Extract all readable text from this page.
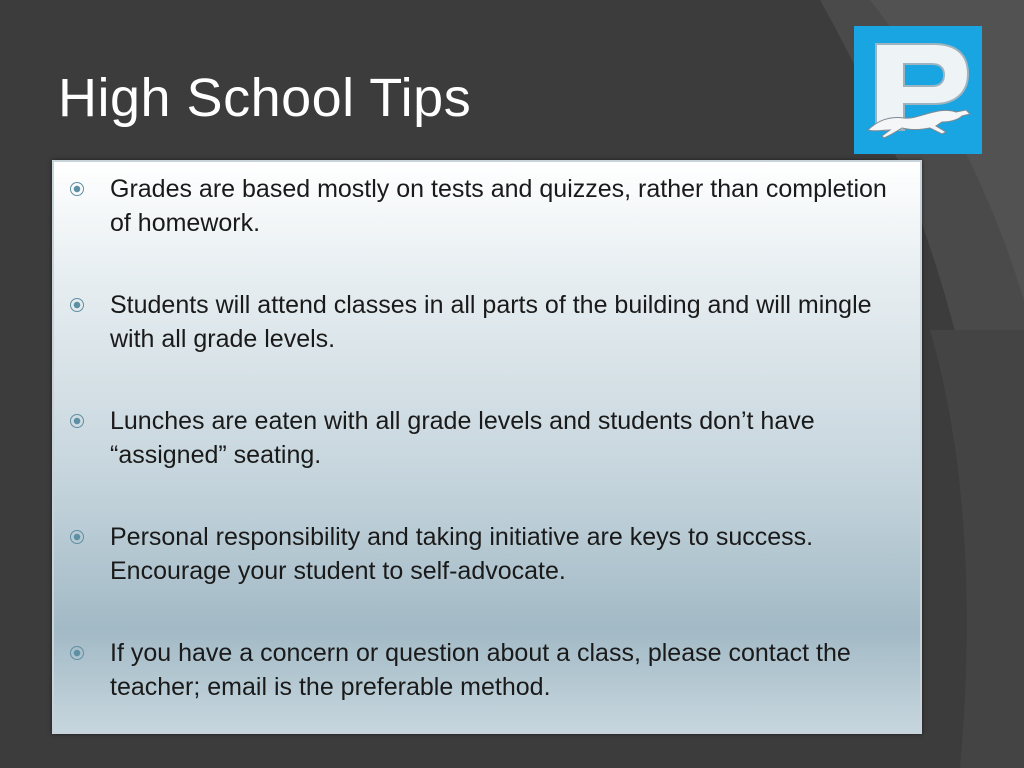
High School Tips
Grades are based mostly on tests and quizzes, rather than completion of homework.
Students will attend classes in all parts of the building and will mingle with all grade levels.
Lunches are eaten with all grade levels and students don’t have “assigned” seating.
Personal responsibility and taking initiative are keys to success. Encourage your student to self-advocate.
If you have a concern or question about a class, please contact the teacher; email is the preferable method.
